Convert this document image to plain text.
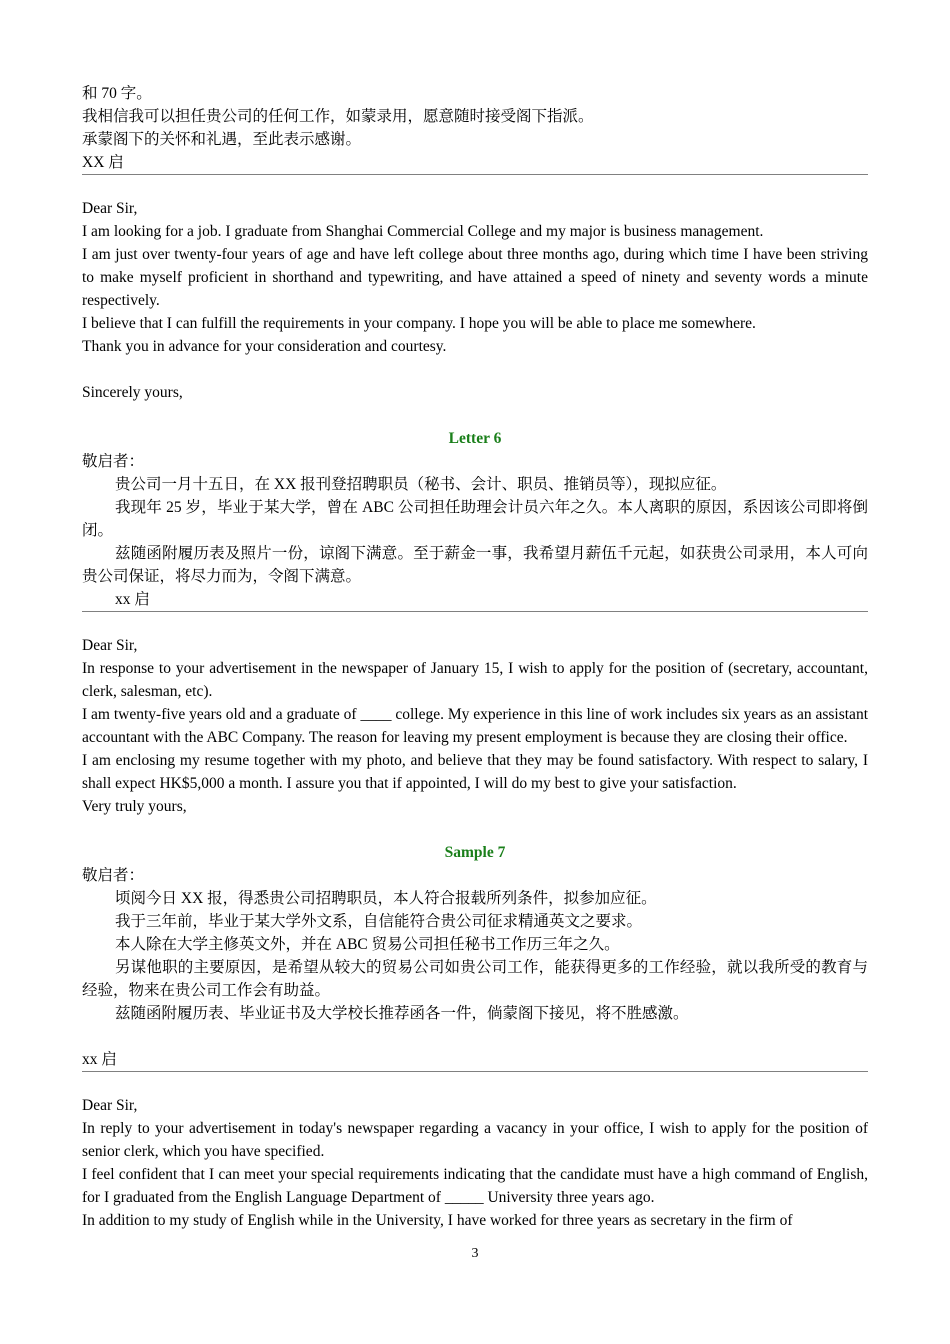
和 70 字。

我相信我可以担任贵公司的任何工作，如蒙录用，愿意随时接受阁下指派。

承蒙阁下的关怀和礼遇，至此表示感谢。

XX 启

Dear Sir,

I am looking for a job. I graduate from Shanghai Commercial College and my major is business management.

I am just over twenty-four years of age and have left college about three months ago, during which time I have been striving to make myself proficient in shorthand and typewriting, and have attained a speed of ninety and seventy words a minute respectively.

I believe that I can fulfill the requirements in your company. I hope you will be able to place me somewhere.

Thank you in advance for your consideration and courtesy.

Sincerely yours,

Letter 6

敬启者：

贵公司一月十五日，在 XX 报刊登招聘职员（秘书、会计、职员、推销员等），现拟应征。

我现年 25 岁，毕业于某大学，曾在 ABC 公司担任助理会计员六年之久。本人离职的原因，系因该公司即将倒闭。

兹随函附履历表及照片一份，谅阁下满意。至于薪金一事，我希望月薪伍千元起，如获贵公司录用，本人可向贵公司保证，将尽力而为，令阁下满意。

xx 启

Dear Sir,

In response to your advertisement in the newspaper of January 15, I wish to apply for the position of (secretary, accountant, clerk, salesman, etc).

I am twenty-five years old and a graduate of ____ college. My experience in this line of work includes six years as an assistant accountant with the ABC Company. The reason for leaving my present employment is because they are closing their office.

I am enclosing my resume together with my photo, and believe that they may be found satisfactory. With respect to salary, I shall expect HK$5,000 a month. I assure you that if appointed, I will do my best to give your satisfaction.

Very truly yours,

Sample 7

敬启者：

顷阅今日 XX 报，得悉贵公司招聘职员，本人符合报载所列条件，拟参加应征。

我于三年前，毕业于某大学外文系，自信能符合贵公司征求精通英文之要求。

本人除在大学主修英文外，并在 ABC 贸易公司担任秘书工作历三年之久。

另谋他职的主要原因，是希望从较大的贸易公司如贵公司工作，能获得更多的工作经验，就以我所受的教育与经验，物来在贵公司工作会有助益。

兹随函附履历表、毕业证书及大学校长推荐函各一件，倘蒙阁下接见，将不胜感激。

xx 启

Dear Sir,

In reply to your advertisement in today's newspaper regarding a vacancy in your office, I wish to apply for the position of senior clerk, which you have specified.

I feel confident that I can meet your special requirements indicating that the candidate must have a high command of English, for I graduated from the English Language Department of _____ University three years ago.

In addition to my study of English while in the University, I have worked for three years as secretary in the firm of

3
